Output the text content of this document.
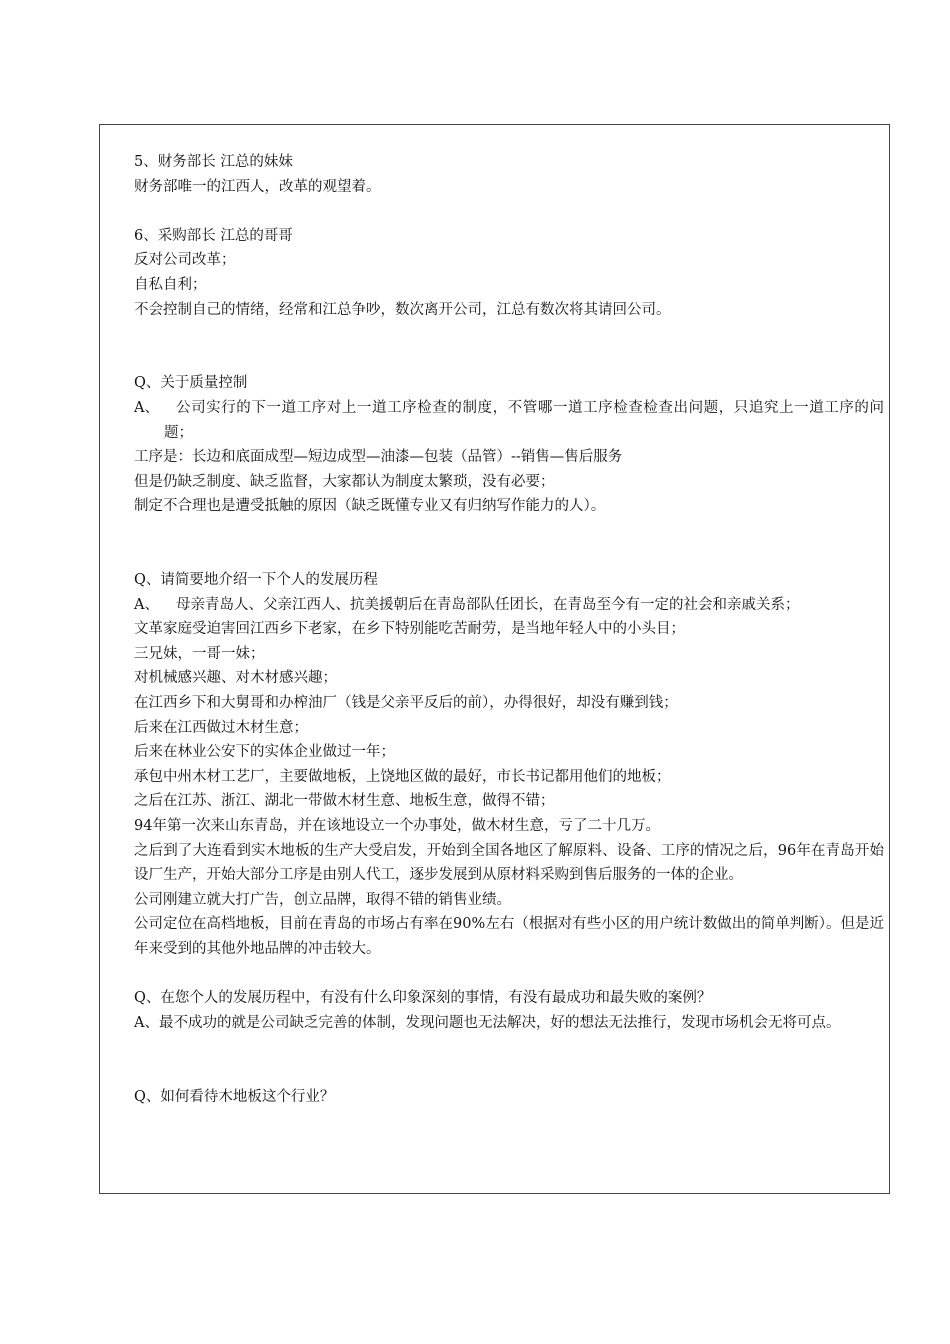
5、财务部长 江总的妹妹

财务部唯一的江西人，改革的观望着。

6、采购部长 江总的哥哥

反对公司改革；

自私自利；

不会控制自己的情绪，经常和江总争吵，数次离开公司，江总有数次将其请回公司。

Q、关于质量控制

A、	公司实行的下一道工序对上一道工序检查的制度，不管哪一道工序检查检查出问题，只追究上一道工序的问题；

工序是：长边和底面成型—短边成型—油漆—包装（品管）--销售—售后服务

但是仍缺乏制度、缺乏监督，大家都认为制度太繁琐，没有必要；

制定不合理也是遭受抵触的原因（缺乏既懂专业又有归纳写作能力的人）。

Q、请简要地介绍一下个人的发展历程

A、	母亲青岛人、父亲江西人、抗美援朝后在青岛部队任团长，在青岛至今有一定的社会和亲戚关系；

文革家庭受迫害回江西乡下老家，在乡下特别能吃苦耐劳，是当地年轻人中的小头目；

三兄妹，一哥一妹；

对机械感兴趣、对木材感兴趣；

在江西乡下和大舅哥和办榨油厂（钱是父亲平反后的前），办得很好，却没有赚到钱；

后来在江西做过木材生意；

后来在林业公安下的实体企业做过一年；

承包中州木材工艺厂，主要做地板，上饶地区做的最好，市长书记都用他们的地板；

之后在江苏、浙江、湖北一带做木材生意、地板生意，做得不错；

94年第一次来山东青岛，并在该地设立一个办事处，做木材生意，亏了二十几万。

之后到了大连看到实木地板的生产大受启发，开始到全国各地区了解原料、设备、工序的情况之后，96年在青岛开始设厂生产，开始大部分工序是由别人代工，逐步发展到从原材料采购到售后服务的一体的企业。

公司刚建立就大打广告，创立品牌，取得不错的销售业绩。

公司定位在高档地板，目前在青岛的市场占有率在90%左右（根据对有些小区的用户统计数做出的简单判断）。但是近年来受到的其他外地品牌的冲击较大。

Q、在您个人的发展历程中，有没有什么印象深刻的事情，有没有最成功和最失败的案例？

A、最不成功的就是公司缺乏完善的体制，发现问题也无法解决，好的想法无法推行，发现市场机会无将可点。

Q、如何看待木地板这个行业？
